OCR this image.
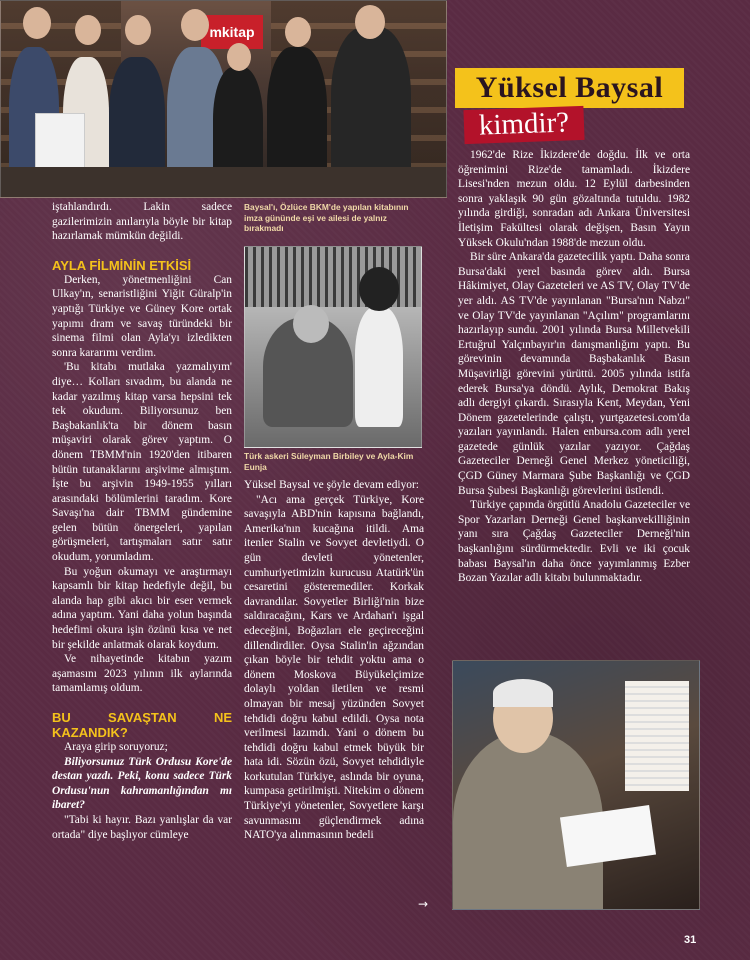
mkitap
Yüksel Baysal
kimdir?

iştahlandırdı. Lakin sadece gazilerimizin anılarıyla böyle bir kitap hazırlamak mümkün değildi.

AYLA FİLMİNİN ETKİSİ

Derken, yönetmenliğini Can Ulkay'ın, senaristliğini Yiğit Güralp'in yaptığı Türkiye ve Güney Kore ortak yapımı dram ve savaş türündeki bir sinema filmi olan Ayla'yı izledikten sonra kararımı verdim.

'Bu kitabı mutlaka yazmalıyım' diye… Kolları sıvadım, bu alanda ne kadar yazılmış kitap varsa hepsini tek tek okudum. Biliyorsunuz ben Başbakanlık'ta bir dönem basın müşaviri olarak görev yaptım. O dönem TBMM'nin 1920'den itibaren bütün tutanaklarını arşivime almıştım. İşte bu arşivin 1949-1955 yılları arasındaki bölümlerini taradım. Kore Savaşı'na dair TBMM gündemine gelen bütün önergeleri, yapılan görüşmeleri, tartışmaları satır satır okudum, yorumladım.

Bu yoğun okumayı ve araştırmayı kapsamlı bir kitap hedefiyle değil, bu alanda hap gibi akıcı bir eser vermek adına yaptım. Yani daha yolun başında hedefimi okura işin özünü kısa ve net bir şekilde anlatmak olarak koydum.

Ve nihayetinde kitabın yazım aşamasını 2023 yılının ilk aylarında tamamlamış oldum.

BU SAVAŞTAN NE KAZANDIK?

Araya girip soruyoruz;

Biliyorsunuz Türk Ordusu Kore'de destan yazdı. Peki, konu sadece Türk Ordusu'nun kahramanlığından mı ibaret?

"Tabi ki hayır. Bazı yanlışlar da var ortada" diye başlıyor cümleye

Baysal'ı, Özlüce BKM'de yapılan kitabının imza gününde eşi ve ailesi de yalnız bırakmadı
Türk askeri Süleyman Birbiley ve Ayla-Kim Eunja

Yüksel Baysal ve şöyle devam ediyor:

"Acı ama gerçek Türkiye, Kore savaşıyla ABD'nin kapısına bağlandı, Amerika'nın kucağına itildi. Ama itenler Stalin ve Sovyet devletiydi. O gün devleti yönetenler, cumhuriyetimizin kurucusu Atatürk'ün cesaretini gösteremediler. Korkak davrandılar. Sovyetler Birliği'nin bize saldıracağını, Kars ve Ardahan'ı işgal edeceğini, Boğazları ele geçireceğini dillendirdiler. Oysa Stalin'in ağzından çıkan böyle bir tehdit yoktu ama o dönem Moskova Büyükelçimize dolaylı yoldan iletilen ve resmi olmayan bir mesaj yüzünden Sovyet tehdidi doğru kabul edildi. Oysa nota verilmesi lazımdı. Yani o dönem bu tehdidi doğru kabul etmek büyük bir hata idi. Sözün özü, Sovyet tehdidiyle korkutulan Türkiye, aslında bir oyuna, kumpasa getirilmişti. Nitekim o dönem Türkiye'yi yönetenler, Sovyetlere karşı savunmasını güçlendirmek adına NATO'ya alınmasının bedeli

1962'de Rize İkizdere'de doğdu. İlk ve orta öğrenimini Rize'de tamamladı. İkizdere Lisesi'nden mezun oldu. 12 Eylül darbesinden sonra yaklaşık 90 gün gözaltında tutuldu. 1982 yılında girdiği, sonradan adı Ankara Üniversitesi İletişim Fakültesi olarak değişen, Basın Yayın Yüksek Okulu'ndan 1988'de mezun oldu.

Bir süre Ankara'da gazetecilik yaptı. Daha sonra Bursa'daki yerel basında görev aldı. Bursa Hâkimiyet, Olay Gazeteleri ve AS TV, Olay TV'de yer aldı. AS TV'de yayınlanan "Bursa'nın Nabzı" ve Olay TV'de yayınlanan "Açılım" programlarını hazırlayıp sundu. 2001 yılında Bursa Milletvekili Ertuğrul Yalçınbayır'ın danışmanlığını yaptı. Bu görevinin devamında Başbakanlık Basın Müşavirliği görevini yürüttü. 2005 yılında istifa ederek Bursa'ya döndü. Aylık, Demokrat Bakış adlı dergiyi çıkardı. Sırasıyla Kent, Meydan, Yeni Dönem gazetelerinde çalıştı, yurtgazetesi.com'da yazıları yayınlandı. Halen enbursa.com adlı yerel gazetede günlük yazılar yazıyor. Çağdaş Gazeteciler Derneği Genel Merkez yöneticiliği, ÇGD Güney Marmara Şube Başkanlığı ve ÇGD Bursa Şubesi Başkanlığı görevlerini üstlendi.

Türkiye çapında örgütlü Anadolu Gazeteciler ve Spor Yazarları Derneği Genel başkanvekilliğinin yanı sıra Çağdaş Gazeteciler Derneği'nin başkanlığını sürdürmektedir. Evli ve iki çocuk babası Baysal'ın daha önce yayımlanmış Ezber Bozan Yazılar adlı kitabı bulunmaktadır.

→
31
